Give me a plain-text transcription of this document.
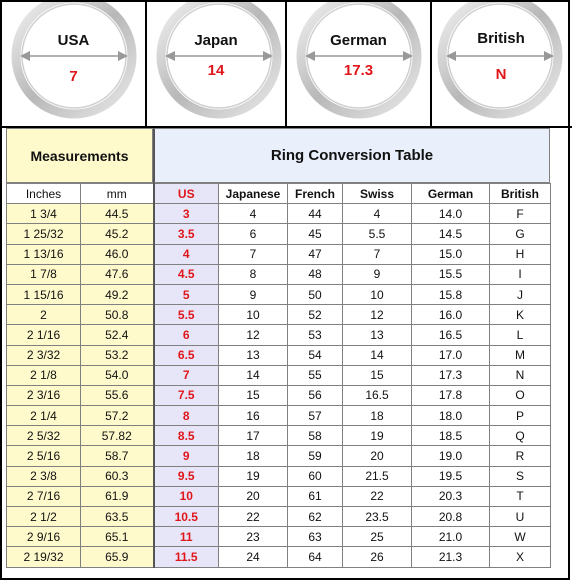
USA
7
Japan
14
German
17.3
British
N
Measurements	Ring Conversion Table
Inches	mm	US	Japanese	French	Swiss	German	British
1 3/4	44.5	3	4	44	4	14.0	F
1 25/32	45.2	3.5	6	45	5.5	14.5	G
1 13/16	46.0	4	7	47	7	15.0	H
1 7/8	47.6	4.5	8	48	9	15.5	I
1 15/16	49.2	5	9	50	10	15.8	J
2	50.8	5.5	10	52	12	16.0	K
2 1/16	52.4	6	12	53	13	16.5	L
2 3/32	53.2	6.5	13	54	14	17.0	M
2 1/8	54.0	7	14	55	15	17.3	N
2 3/16	55.6	7.5	15	56	16.5	17.8	O
2 1/4	57.2	8	16	57	18	18.0	P
2 5/32	57.82	8.5	17	58	19	18.5	Q
2 5/16	58.7	9	18	59	20	19.0	R
2 3/8	60.3	9.5	19	60	21.5	19.5	S
2 7/16	61.9	10	20	61	22	20.3	T
2 1/2	63.5	10.5	22	62	23.5	20.8	U
2 9/16	65.1	11	23	63	25	21.0	W
2 19/32	65.9	11.5	24	64	26	21.3	X
